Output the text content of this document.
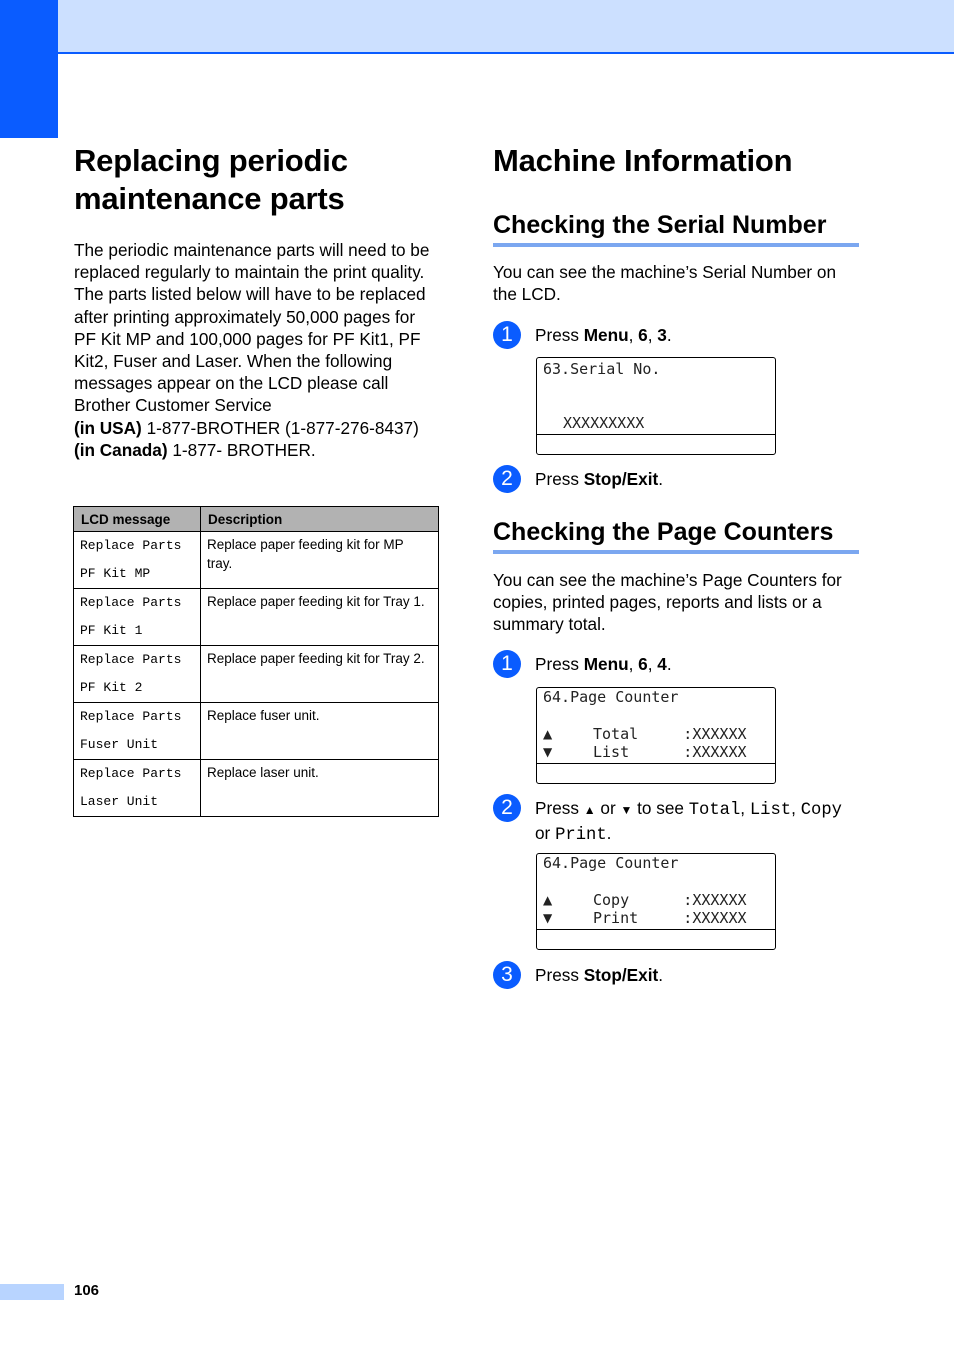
Replacing periodic
maintenance parts
The periodic maintenance parts will need to be replaced regularly to maintain the print quality. The parts listed below will have to be replaced after printing approximately 50,000 pages for PF Kit MP and 100,000 pages for PF Kit1, PF Kit2, Fuser and Laser. When the following messages appear on the LCD please call Brother Customer Service
(in USA) 1-877-BROTHER (1-877-276-8437)
(in Canada) 1-877- BROTHER.
LCD message	Description
Replace Parts
PF Kit MP	Replace paper feeding kit for MP tray.
Replace Parts
PF Kit 1	Replace paper feeding kit for Tray 1.
Replace Parts
PF Kit 2	Replace paper feeding kit for Tray 2.
Replace Parts
Fuser Unit	Replace fuser unit.
Replace Parts
Laser Unit	Replace laser unit.
Machine Information
Checking the Serial Number
You can see the machine’s Serial Number on the LCD.
1	Press Menu, 6, 3.
63.Serial No.
XXXXXXXXX
2	Press Stop/Exit.
Checking the Page Counters
You can see the machine’s Page Counters for copies, printed pages, reports and lists or a summary total.
1	Press Menu, 6, 4.
64.Page Counter
▲	Total     :XXXXXX
▼	List      :XXXXXX
2	Press ▲ or ▼ to see Total, List, Copy
or Print.
64.Page Counter
▲	Copy      :XXXXXX
▼	Print     :XXXXXX
3	Press Stop/Exit.
106
